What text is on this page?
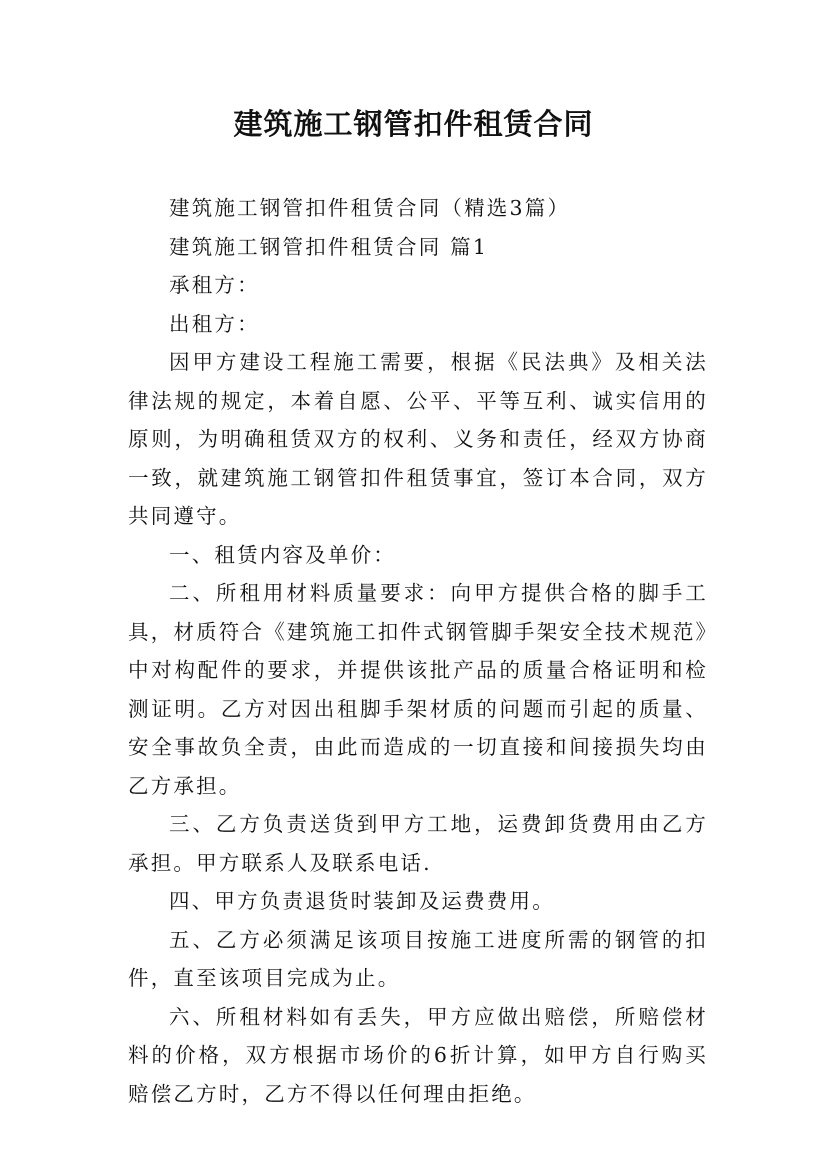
建筑施工钢管扣件租赁合同

建筑施工钢管扣件租赁合同（精选3篇）

建筑施工钢管扣件租赁合同 篇1

承租方：

出租方：

因甲方建设工程施工需要，根据《民法典》及相关法律法规的规定，本着自愿、公平、平等互利、诚实信用的原则，为明确租赁双方的权利、义务和责任，经双方协商一致，就建筑施工钢管扣件租赁事宜，签订本合同，双方共同遵守。

一、租赁内容及单价：

二、所租用材料质量要求：向甲方提供合格的脚手工具，材质符合《建筑施工扣件式钢管脚手架安全技术规范》中对构配件的要求，并提供该批产品的质量合格证明和检测证明。乙方对因出租脚手架材质的问题而引起的质量、安全事故负全责，由此而造成的一切直接和间接损失均由乙方承担。

三、乙方负责送货到甲方工地，运费卸货费用由乙方承担。甲方联系人及联系电话.

四、甲方负责退货时装卸及运费费用。

五、乙方必须满足该项目按施工进度所需的钢管的扣件，直至该项目完成为止。

六、所租材料如有丢失，甲方应做出赔偿，所赔偿材料的价格，双方根据市场价的6折计算，如甲方自行购买赔偿乙方时，乙方不得以任何理由拒绝。
